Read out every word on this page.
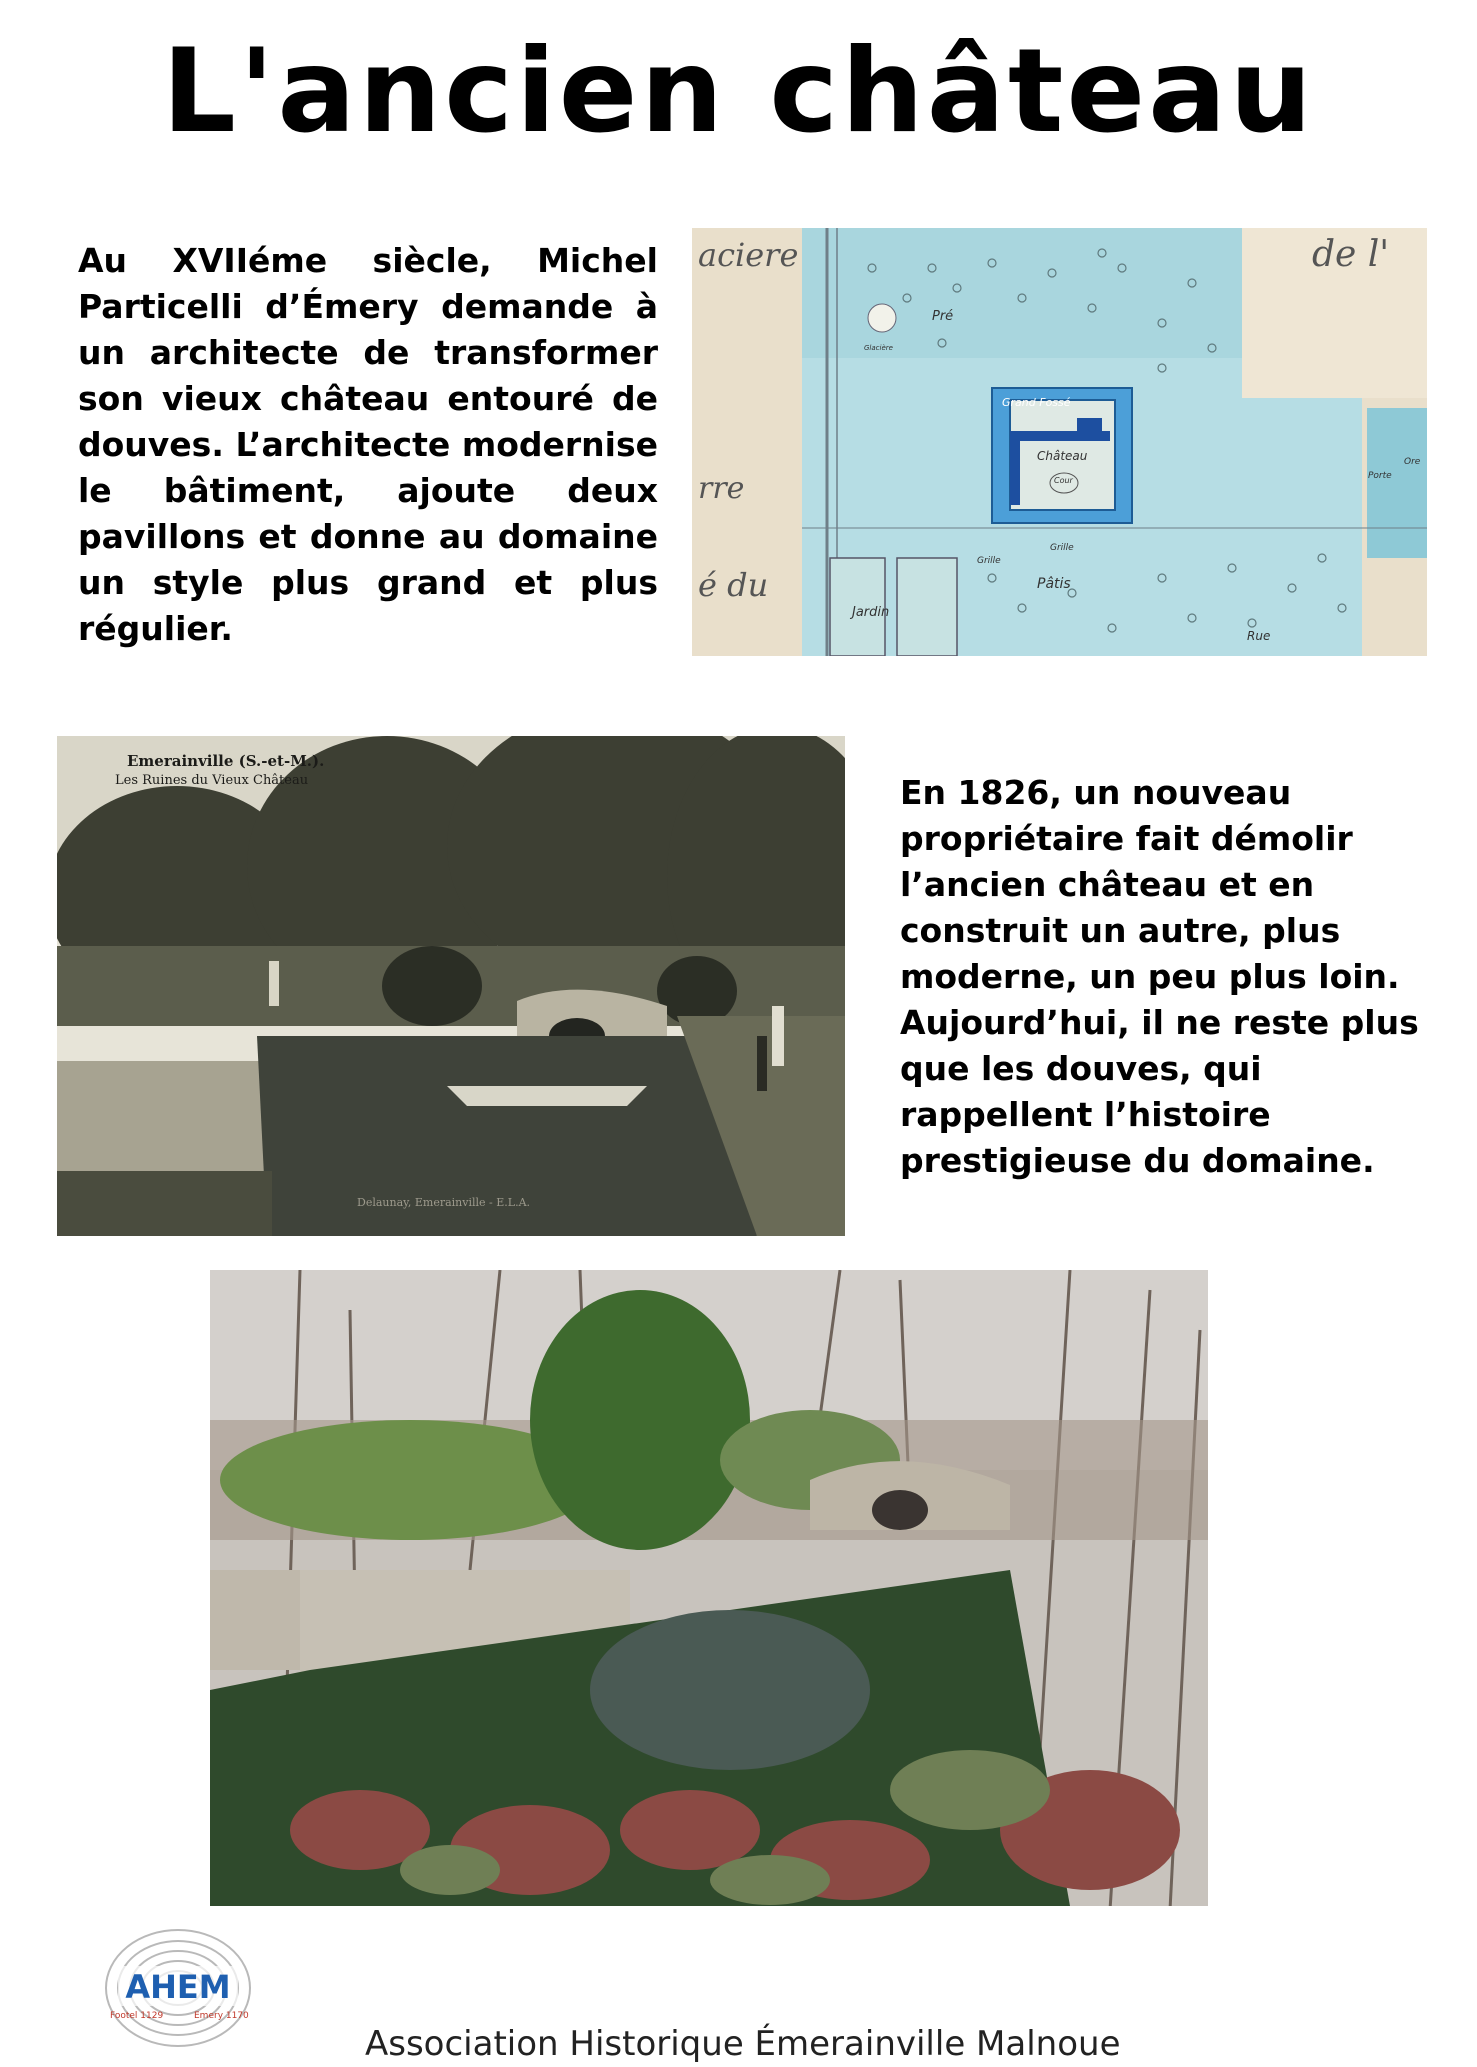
L'ancien château
Au XVIIéme siècle, Michel Particelli d’Émery demande à un architecte de transformer son vieux château entouré de douves. L’architecte modernise le bâtiment, ajoute deux pavillons et donne au domaine un style plus grand et plus régulier.
aciere	de l'
rre
é du
Pré
Glacière
Grand Fossé
Château
Cour	Porte
Ore
Grille
Grille
Pâtis
Jardin
Rue
Emerainville (S.-et-M.).
Les Ruines du Vieux Château
Delaunay, Emerainville - E.L.A.
En 1826, un nouveau propriétaire fait démolir l’ancien château et en construit un autre, plus moderne, un peu plus loin. Aujourd’hui, il ne reste plus que les douves, qui rappellent l’histoire prestigieuse du domaine.
AHEM
Footel 1129	Emery 1170
Association Historique Émerainville Malnoue
